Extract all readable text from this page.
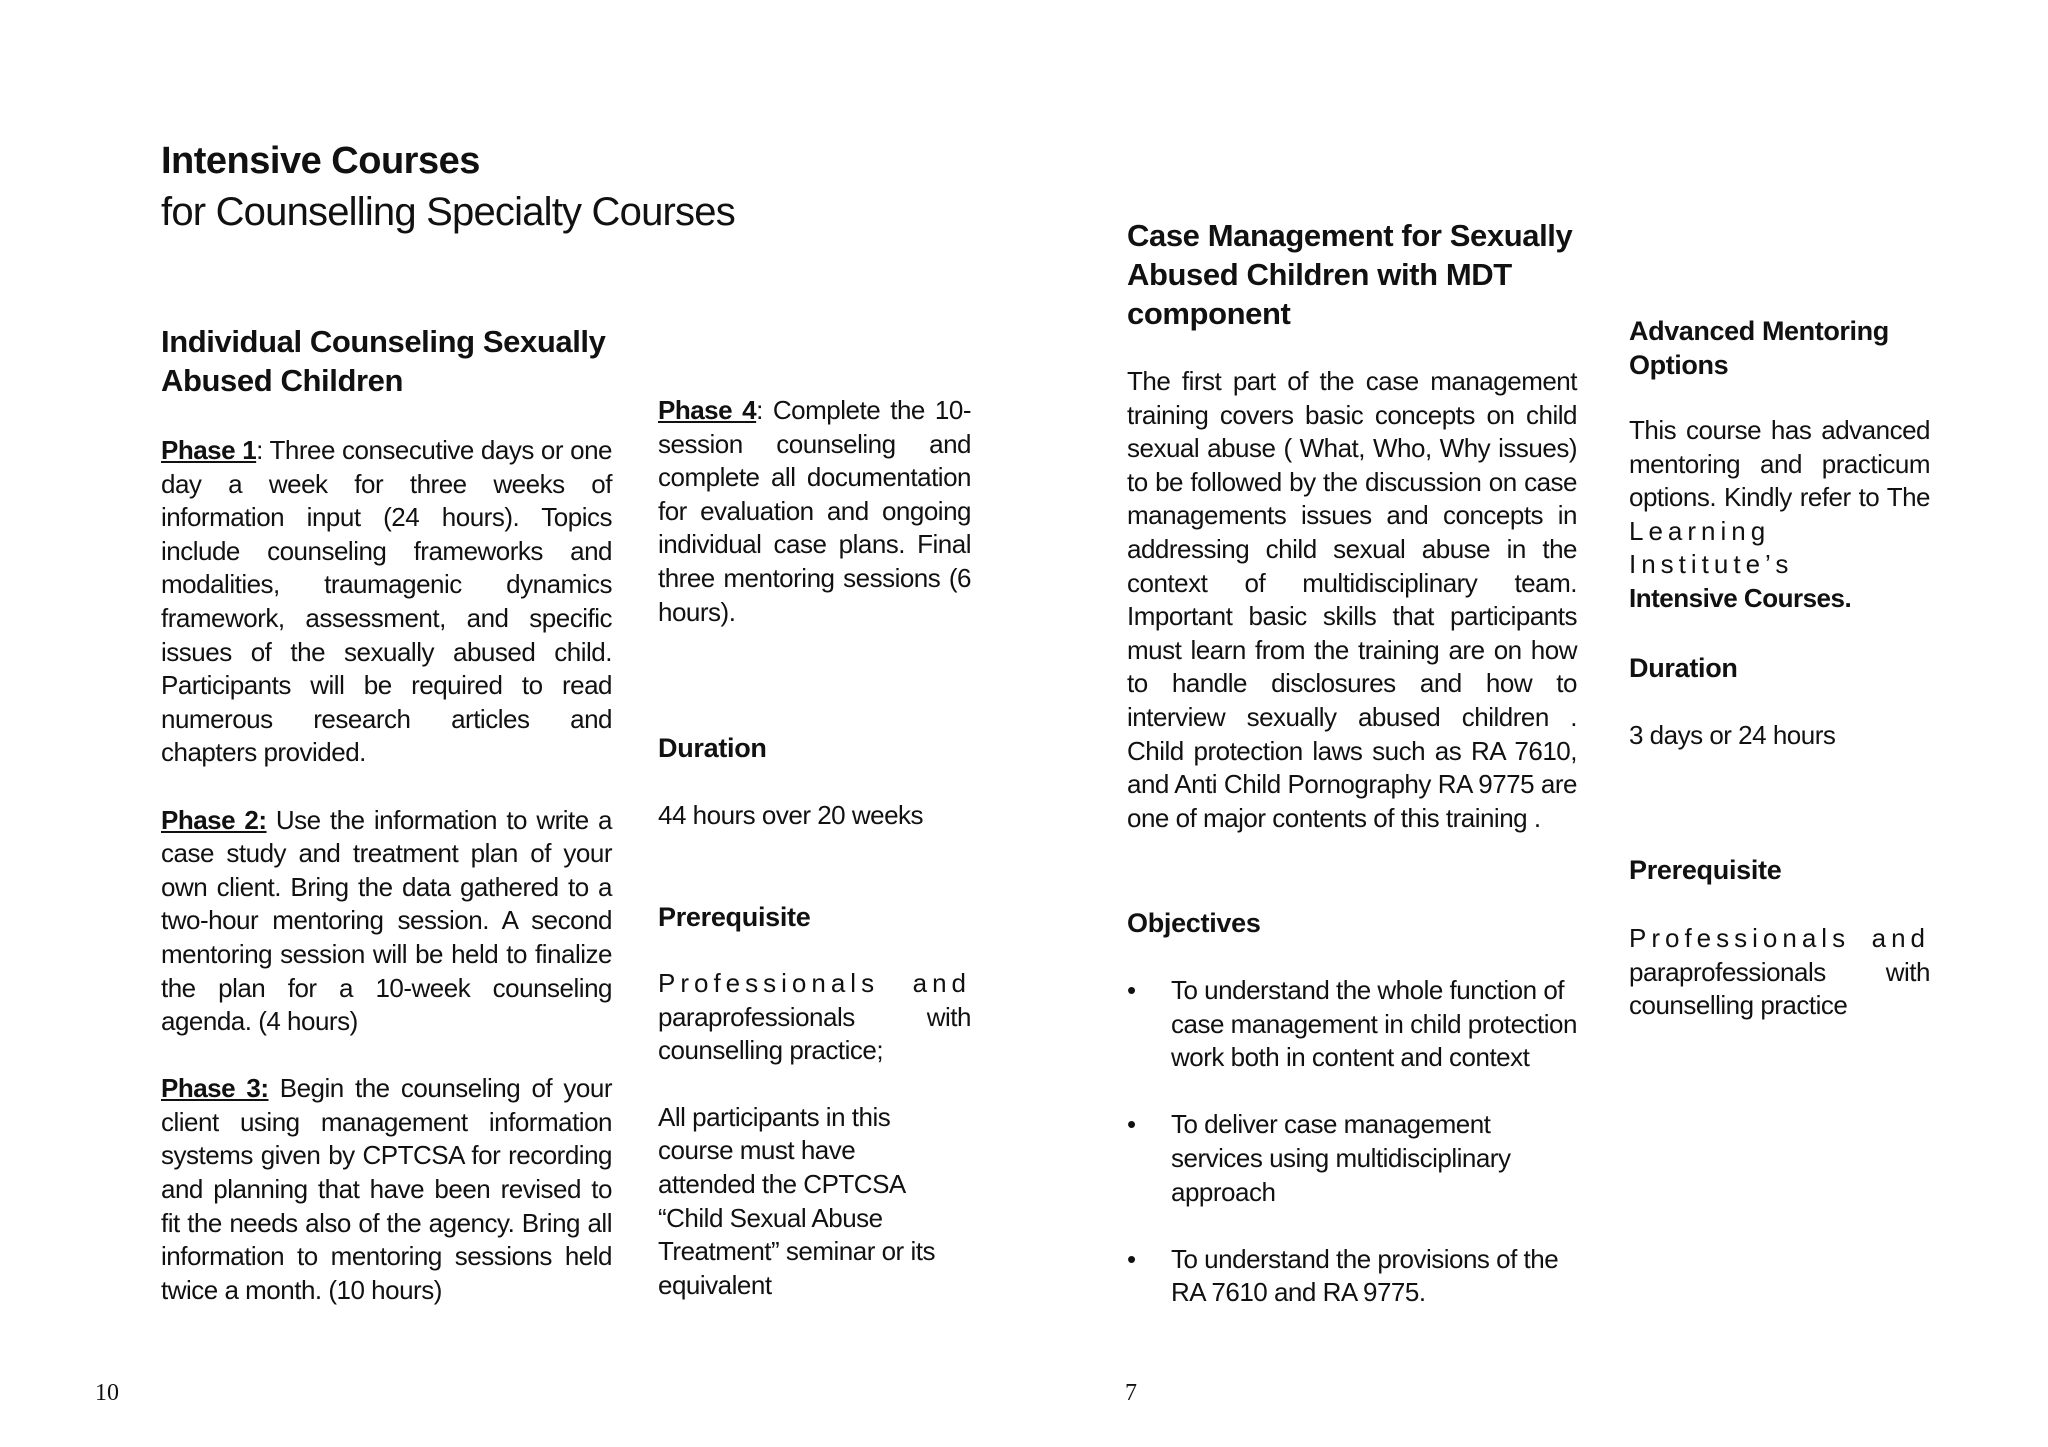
Intensive Courses
for Counselling Specialty Courses
Individual Counseling Sexually
Abused Children

Phase 1: Three consecutive days or one day a week for three weeks of information input (24 hours). Topics include counseling frameworks and modalities, traumagenic dynamics framework, assessment, and specific issues of the sexually abused child. Participants will be required to read numerous research articles and chapters provided.

Phase 2: Use the information to write a case study and treatment plan of your own client. Bring the data gathered to a two-hour mentoring session. A second mentoring session will be held to finalize the plan for a 10-week counseling agenda. (4 hours)

Phase 3: Begin the counseling of your client using management information systems given by CPTCSA for recording and planning that have been revised to fit the needs also of the agency. Bring all information to mentoring sessions held twice a month. (10 hours)

Phase 4: Complete the 10-session counseling and complete all documentation for evaluation and ongoing individual case plans. Final three mentoring sessions (6 hours).

Duration
44 hours over 20 weeks
Prerequisite
Professionals and
paraprofessionals with counselling practice;
All participants in this course must have attended the CPTCSA “Child Sexual Abuse Treatment” seminar or its equivalent
10
Case Management for Sexually
Abused Children with MDT
component
The first part of the case management training covers basic concepts on child sexual abuse ( What, Who, Why issues) to be followed by the discussion on case managements issues and concepts in addressing child sexual abuse in the context of multidisciplinary team. Important basic skills that participants must learn from the training are on how to handle disclosures and how to interview sexually abused children . Child protection laws such as RA 7610, and Anti Child Pornography RA 9775 are one of major contents of this training .
Objectives
•	To understand the whole function of case management in child protection work both in content and context
•	To deliver case management services using multidisciplinary approach
•	To understand the provisions of the RA 7610 and RA 9775.
Advanced Mentoring
Options
This course has advanced mentoring and practicum options. Kindly refer to The Learning Institute’s
Intensive Courses.
Duration
3 days or 24 hours
Prerequisite
Professionals and
paraprofessionals with counselling practice
7
